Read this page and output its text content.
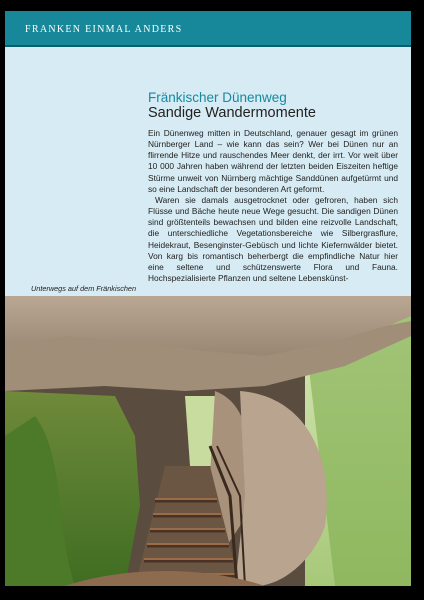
FRANKEN EINMAL ANDERS
Fränkischer Dünenweg
Sandige Wandermomente

Ein Dünenweg mitten in Deutschland, genauer gesagt im grünen Nürnberger Land – wie kann das sein? Wer bei Dünen nur an flirrende Hitze und rauschendes Meer denkt, der irrt. Vor weit über 10 000 Jahren haben während der letzten beiden Eiszeiten heftige Stürme unweit von Nürnberg mächtige Sanddünen aufgetürmt und so eine Landschaft der besonderen Art geformt.

Waren sie damals ausgetrocknet oder gefroren, haben sich Flüsse und Bäche heute neue Wege gesucht. Die sandigen Dünen sind größtenteils bewachsen und bilden eine reizvolle Landschaft, die unterschiedliche Vegetationsbereiche wie Silbergrasflure, Heidekraut, Besenginster-Gebüsch und lichte Kiefernwälder bietet. Von karg bis romantisch beherbergt die empfindliche Natur hier eine seltene und schützenswerte Flora und Fauna. Hochspezialisierte Pflanzen und seltene Lebenskünst-

Unterwegs auf dem Fränkischen
